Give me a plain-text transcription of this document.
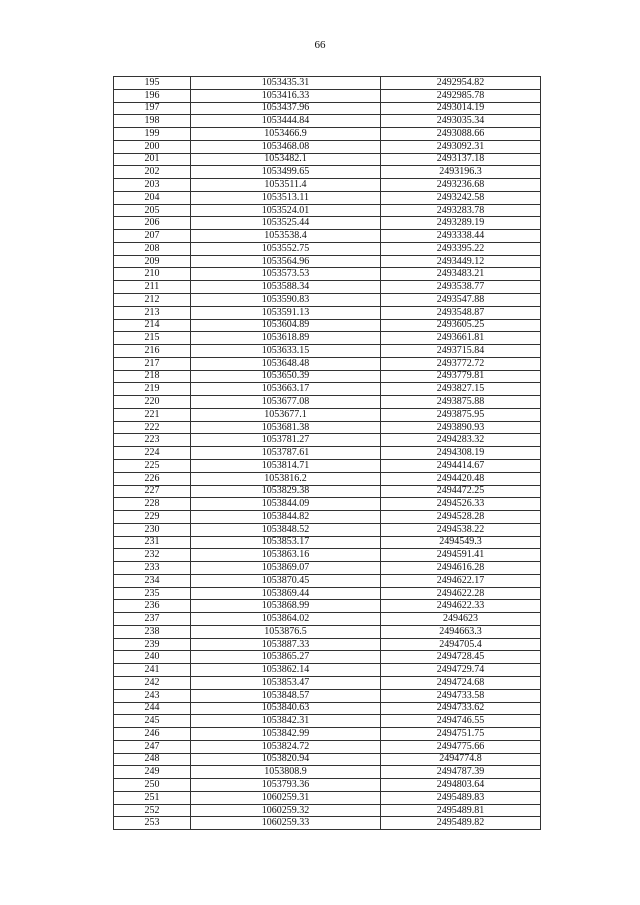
66
195	1053435.31	2492954.82
196	1053416.33	2492985.78
197	1053437.96	2493014.19
198	1053444.84	2493035.34
199	1053466.9	2493088.66
200	1053468.08	2493092.31
201	1053482.1	2493137.18
202	1053499.65	2493196.3
203	1053511.4	2493236.68
204	1053513.11	2493242.58
205	1053524.01	2493283.78
206	1053525.44	2493289.19
207	1053538.4	2493338.44
208	1053552.75	2493395.22
209	1053564.96	2493449.12
210	1053573.53	2493483.21
211	1053588.34	2493538.77
212	1053590.83	2493547.88
213	1053591.13	2493548.87
214	1053604.89	2493605.25
215	1053618.89	2493661.81
216	1053633.15	2493715.84
217	1053648.48	2493772.72
218	1053650.39	2493779.81
219	1053663.17	2493827.15
220	1053677.08	2493875.88
221	1053677.1	2493875.95
222	1053681.38	2493890.93
223	1053781.27	2494283.32
224	1053787.61	2494308.19
225	1053814.71	2494414.67
226	1053816.2	2494420.48
227	1053829.38	2494472.25
228	1053844.09	2494526.33
229	1053844.82	2494528.28
230	1053848.52	2494538.22
231	1053853.17	2494549.3
232	1053863.16	2494591.41
233	1053869.07	2494616.28
234	1053870.45	2494622.17
235	1053869.44	2494622.28
236	1053868.99	2494622.33
237	1053864.02	2494623
238	1053876.5	2494663.3
239	1053887.33	2494705.4
240	1053865.27	2494728.45
241	1053862.14	2494729.74
242	1053853.47	2494724.68
243	1053848.57	2494733.58
244	1053840.63	2494733.62
245	1053842.31	2494746.55
246	1053842.99	2494751.75
247	1053824.72	2494775.66
248	1053820.94	2494774.8
249	1053808.9	2494787.39
250	1053793.36	2494803.64
251	1060259.31	2495489.83
252	1060259.32	2495489.81
253	1060259.33	2495489.82
